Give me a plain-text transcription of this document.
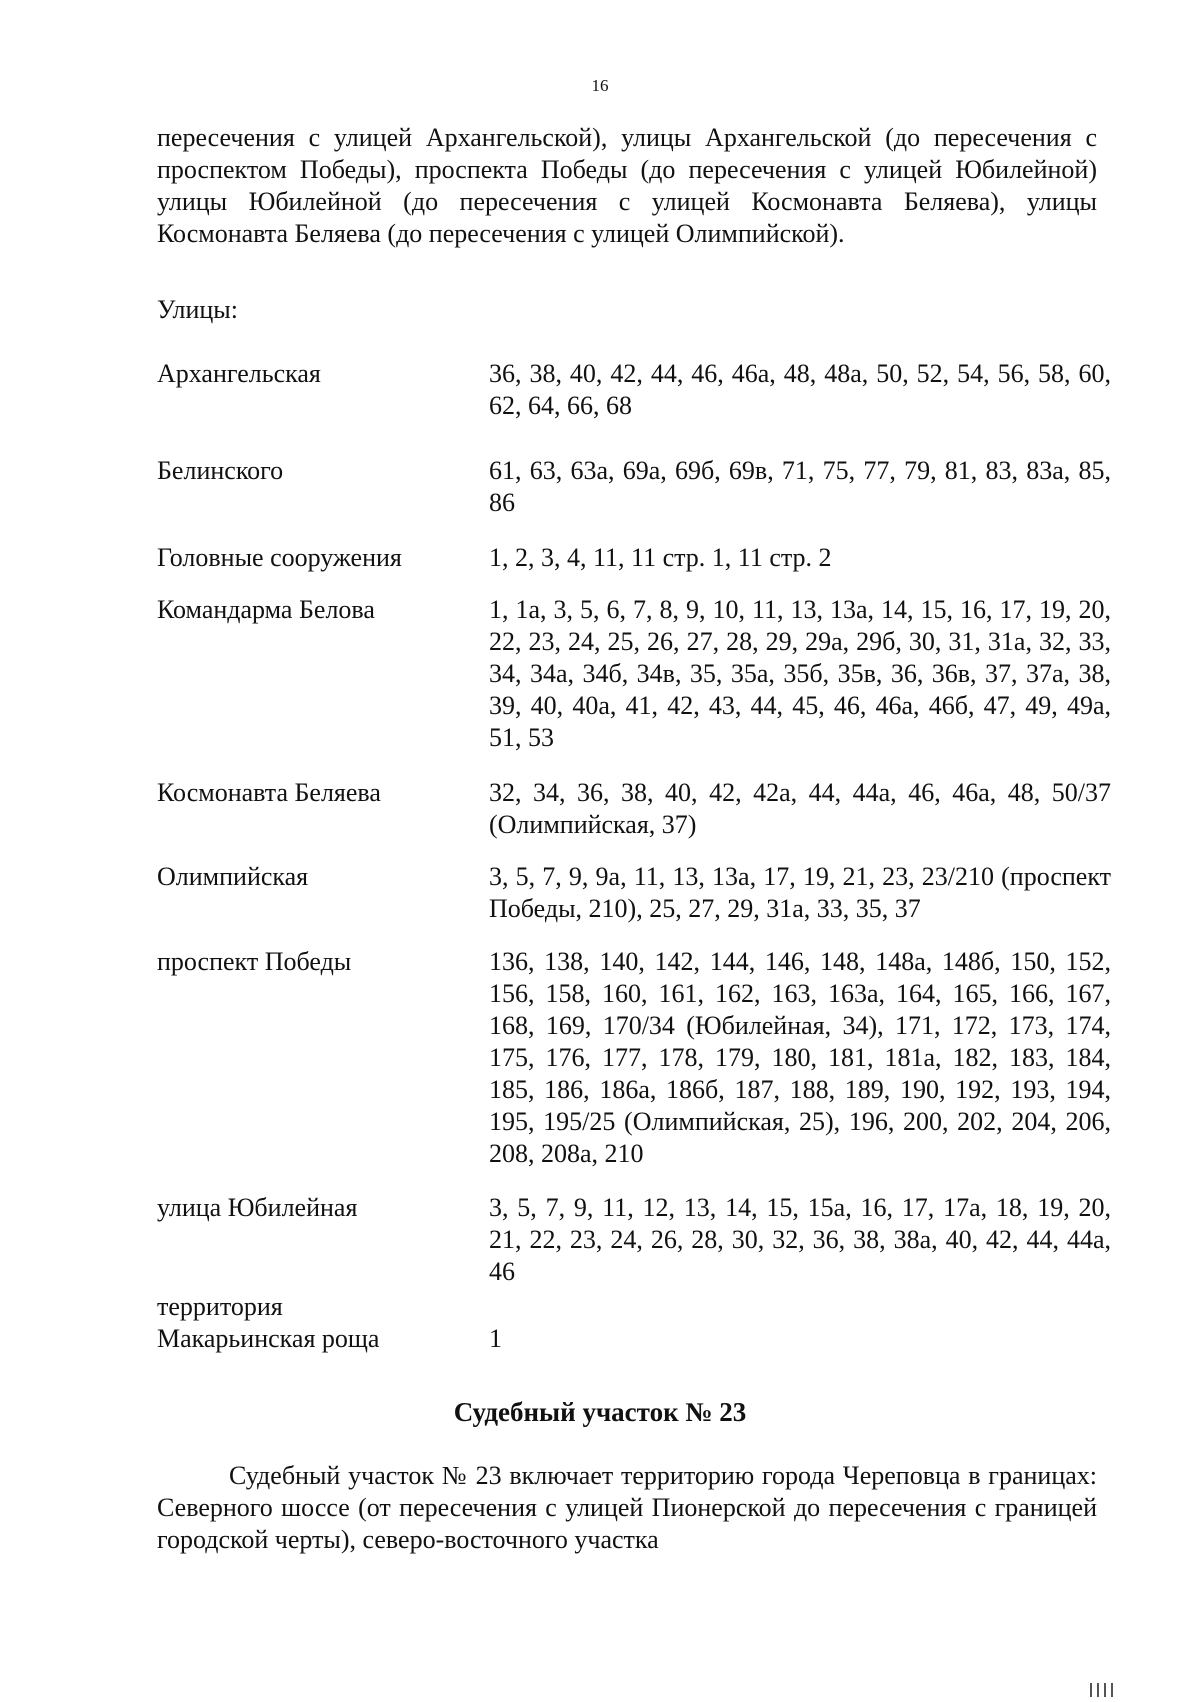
16

пересечения с улицей Архангельской), улицы Архангельской (до пересечения с проспектом Победы), проспекта Победы (до пересечения с улицей Юбилейной) улицы Юбилейной (до пересечения с улицей Космонавта Беляева), улицы Космонавта Беляева (до пересечения с улицей Олимпийской).

Улицы:
Архангельская	36, 38, 40, 42, 44, 46, 46а, 48, 48а, 50, 52, 54, 56, 58, 60, 62, 64, 66, 68
Белинского	61, 63, 63а, 69а, 69б, 69в, 71, 75, 77, 79, 81, 83, 83а, 85, 86
Головные сооружения	1, 2, 3, 4, 11, 11 стр. 1, 11 стр. 2
Командарма Белова	1, 1а, 3, 5, 6, 7, 8, 9, 10, 11, 13, 13а, 14, 15, 16, 17, 19, 20, 22, 23, 24, 25, 26, 27, 28, 29, 29а, 29б, 30, 31, 31а, 32, 33, 34, 34а, 34б, 34в, 35, 35а, 35б, 35в, 36, 36в, 37, 37а, 38, 39, 40, 40а, 41, 42, 43, 44, 45, 46, 46а, 46б, 47, 49, 49а, 51, 53
Космонавта Беляева	32, 34, 36, 38, 40, 42, 42а, 44, 44а, 46, 46а, 48, 50/37 (Олимпийская, 37)
Олимпийская	3, 5, 7, 9, 9а, 11, 13, 13а, 17, 19, 21, 23, 23/210 (проспект Победы, 210), 25, 27, 29, 31а, 33, 35, 37
проспект Победы	136, 138, 140, 142, 144, 146, 148, 148а, 148б, 150, 152, 156, 158, 160, 161, 162, 163, 163а, 164, 165, 166, 167, 168, 169, 170/34 (Юбилейная, 34), 171, 172, 173, 174, 175, 176, 177, 178, 179, 180, 181, 181а, 182, 183, 184, 185, 186, 186а, 186б, 187, 188, 189, 190, 192, 193, 194, 195, 195/25 (Олимпийская, 25), 196, 200, 202, 204, 206, 208, 208а, 210
улица Юбилейная	3, 5, 7, 9, 11, 12, 13, 14, 15, 15а, 16, 17, 17а, 18, 19, 20, 21, 22, 23, 24, 26, 28, 30, 32, 36, 38, 38а, 40, 42, 44, 44а, 46
территория
Макарьинская роща	1
Судебный участок № 23

Судебный участок № 23 включает территорию города Череповца в границах: Северного шоссе (от пересечения с улицей Пионерской до пересечения с границей городской черты), северо-восточного участка
